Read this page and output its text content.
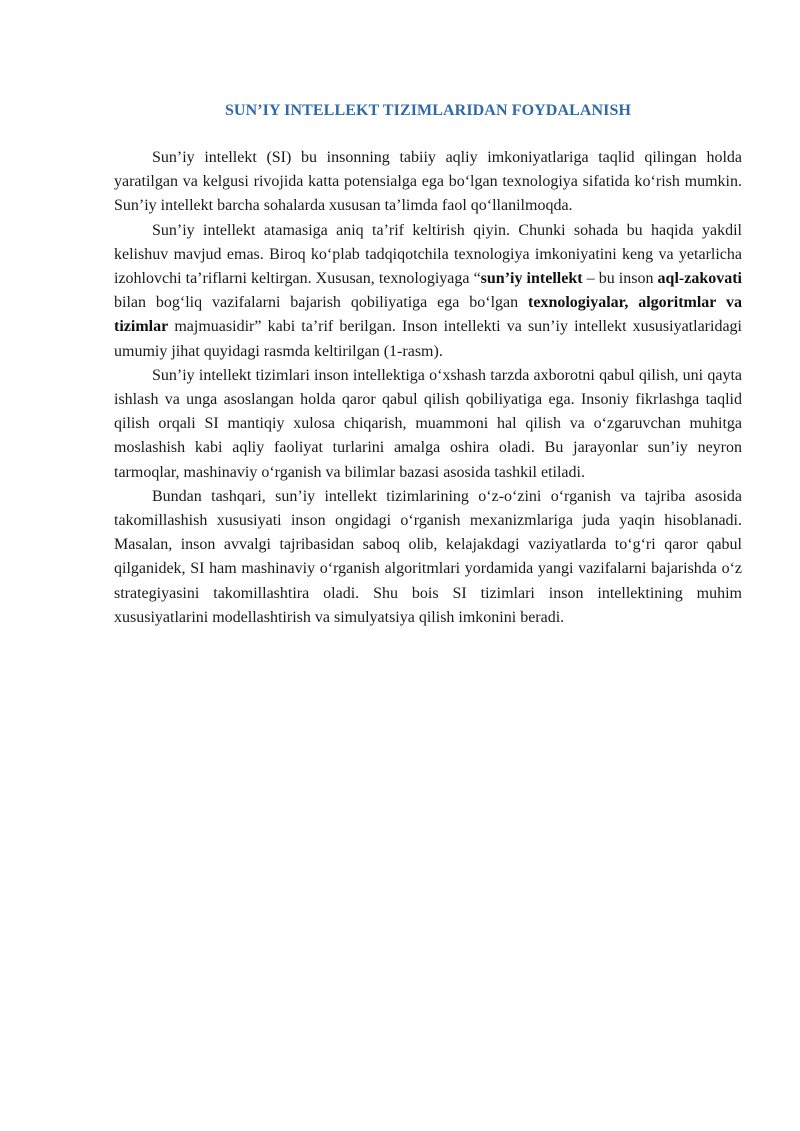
SUN’IY INTELLEKT TIZIMLARIDAN FOYDALANISH

Sun’iy intellekt (SI) bu insonning tabiiy aqliy imkoniyatlariga taqlid qilingan holda yaratilgan va kelgusi rivojida katta potensialga ega bo‘lgan texnologiya sifatida ko‘rish mumkin. Sun’iy intellekt barcha sohalarda xususan ta’limda faol qo‘llanilmoqda.

Sun’iy intellekt atamasiga aniq ta’rif keltirish qiyin. Chunki sohada bu haqida yakdil kelishuv mavjud emas. Biroq ko‘plab tadqiqotchila texnologiya imkoniyatini keng va yetarlicha izohlovchi ta’riflarni keltirgan. Xususan, texnologiyaga “sun’iy intellekt – bu inson aql-zakovati bilan bog‘liq vazifalarni bajarish qobiliyatiga ega bo‘lgan texnologiyalar, algoritmlar va tizimlar majmuasidir” kabi ta’rif berilgan. Inson intellekti va sun’iy intellekt xususiyatlaridagi umumiy jihat quyidagi rasmda keltirilgan (1-rasm).

Sun’iy intellekt tizimlari inson intellektiga o‘xshash tarzda axborotni qabul qilish, uni qayta ishlash va unga asoslangan holda qaror qabul qilish qobiliyatiga ega. Insoniy fikrlashga taqlid qilish orqali SI mantiqiy xulosa chiqarish, muammoni hal qilish va o‘zgaruvchan muhitga moslashish kabi aqliy faoliyat turlarini amalga oshira oladi. Bu jarayonlar sun’iy neyron tarmoqlar, mashinaviy o‘rganish va bilimlar bazasi asosida tashkil etiladi.

Bundan tashqari, sun’iy intellekt tizimlarining o‘z-o‘zini o‘rganish va tajriba asosida takomillashish xususiyati inson ongidagi o‘rganish mexanizmlariga juda yaqin hisoblanadi. Masalan, inson avvalgi tajribasidan saboq olib, kelajakdagi vaziyatlarda to‘g‘ri qaror qabul qilganidek, SI ham mashinaviy o‘rganish algoritmlari yordamida yangi vazifalarni bajarishda o‘z strategiyasini takomillashtira oladi. Shu bois SI tizimlari inson intellektining muhim xususiyatlarini modellashtirish va simulyatsiya qilish imkonini beradi.
